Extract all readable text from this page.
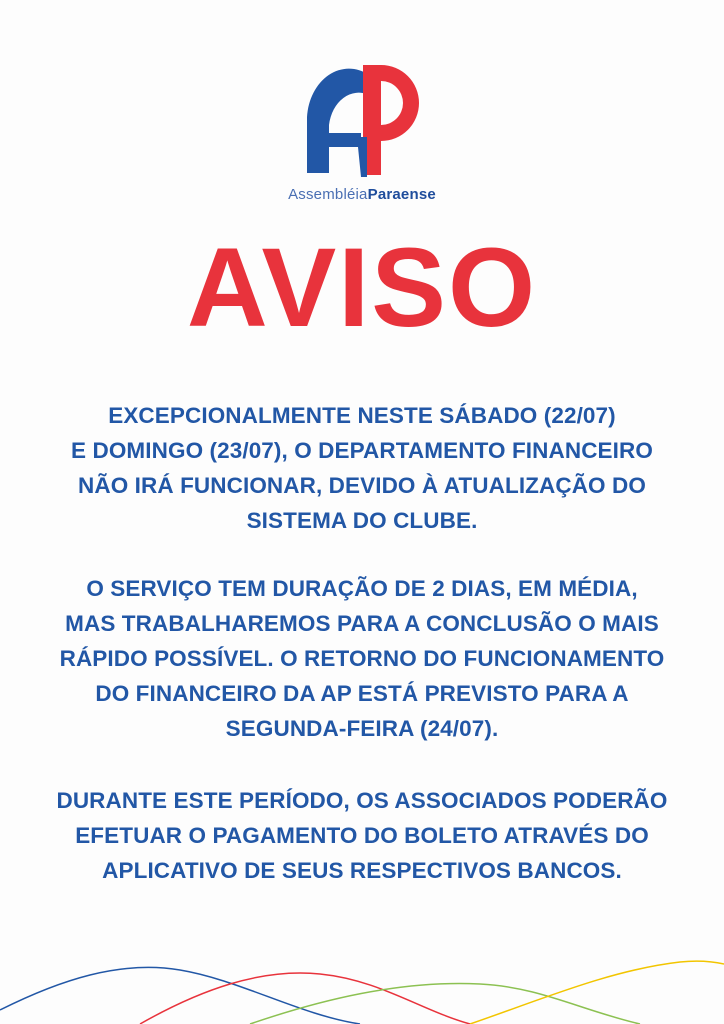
AssembléiaParaense
AVISO
EXCEPCIONALMENTE NESTE SÁBADO (22/07)
E DOMINGO (23/07), O DEPARTAMENTO FINANCEIRO
NÃO IRÁ FUNCIONAR, DEVIDO À ATUALIZAÇÃO DO
SISTEMA DO CLUBE.
O SERVIÇO TEM DURAÇÃO DE 2 DIAS, EM MÉDIA,
MAS TRABALHAREMOS PARA A CONCLUSÃO O MAIS
RÁPIDO POSSÍVEL. O RETORNO DO FUNCIONAMENTO
DO FINANCEIRO DA AP ESTÁ PREVISTO PARA A
SEGUNDA-FEIRA (24/07).
DURANTE ESTE PERÍODO, OS ASSOCIADOS PODERÃO
EFETUAR O PAGAMENTO DO BOLETO ATRAVÉS DO
APLICATIVO DE SEUS RESPECTIVOS BANCOS.
